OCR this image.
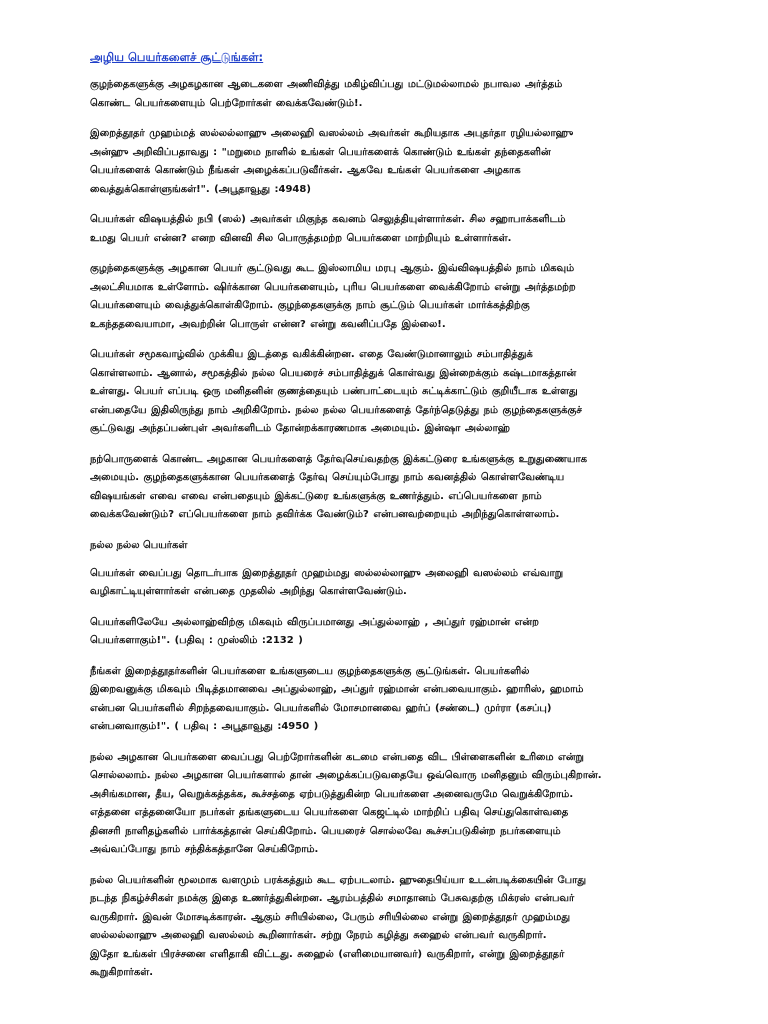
அழிய பெயர்களைச் சூட்டுங்கள்:
குழந்தைகளுக்கு அழகழகான ஆடைகளை அணிவித்து மகிழ்விப்பது மட்டுமல்லாமல் நபாவல அர்த்தம்
கொண்ட பெயர்களையும் பெற்றோர்கள் வைக்கவேண்டும்!.
இறைத்தூதர் முஹம்மத் ஸல்லல்லாஹு அலைஹி வஸல்லம் அவர்கள் கூறியதாக அபுதர்தா ரழியல்லாஹு
அன்ஹு அறிவிப்பதாவது : "மறுமை நாளில் உங்கள் பெயர்களைக் கொண்டும் உங்கள் தந்தைகளின்
பெயர்களைக் கொண்டும் நீங்கள் அழைக்கப்படுவீர்கள். ஆகவே உங்கள் பெயர்களை அழகாக
வைத்துக்கொள்ளுங்கள்!". (அபூதாவூது :4948)
பெயர்கள் விஷயத்தில் நபி (ஸல்) அவர்கள் மிகுந்த கவனம் செலுத்தியுள்ளார்கள். சில சஹாபாக்களிடம்
உமது பெயர் என்ன? எனற வினவி சில பொருத்தமற்ற பெயர்களை மாற்றியும் உள்ளார்கள்.
குழந்தைகளுக்கு அழகான பெயர் சூட்டுவது கூட இஸ்லாமிய மரபு ஆகும். இவ்விஷயத்தில் நாம் மிகவும்
அலட்சியமாக உள்ளோம். ஷிர்க்கான பெயர்களையும், புரிய பெயர்களை வைக்கிறோம் என்று அர்த்தமற்ற
பெயர்களையும் வைத்துக்கொள்கிறோம். குழந்தைகளுக்கு நாம் சூட்டும் பெயர்கள் மார்க்கத்திற்கு
உகந்ததவையாமா, அவற்றின் பொருள் என்ன? என்று கவனிப்பதே இல்லை!.
பெயர்கள் சமூகவாழ்வில் முக்கிய இடத்தை வகிக்கின்றன. எதை வேண்டுமானாலும் சம்பாதித்துக்
கொள்ளலாம். ஆனால், சமூகத்தில் நல்ல பெயரைச் சம்பாதித்துக் கொள்வது இன்றைக்கும் கஷ்டமாகத்தான்
உள்ளது. பெயர் எப்படி ஒரு மனிதனின் குணத்தையும் பண்பாட்டையும் சுட்டிக்காட்டும் குறியீடாக உள்ளது
என்பதையே இதிலிருந்து நாம் அறிகிறோம். நல்ல நல்ல பெயர்களைத் தேர்ந்தெடுத்து நம் குழந்தைகளுக்குச்
சூட்டுவது அந்தப்பண்புள் அவர்களிடம் தோன்றக்காரணமாக அமையும். இன்ஷா அல்லாஹ்
நற்பொருளைக் கொண்ட அழகான பெயர்களைத் தேர்வுசெய்வதற்கு இக்கட்டுரை உங்களுக்கு உறுதுணையாக
அமையும். குழந்தைகளுக்கான பெயர்களைத் தேர்வு செய்யும்போது நாம் கவனத்தில் கொள்ளவேண்டிய
விஷயங்கள் எவை எவை என்பதையும் இக்கட்டுரை உங்களுக்கு உணர்த்தும். எப்பெயர்களை நாம்
வைக்கவேண்டும்? எப்பெயர்களை நாம் தவிர்க்க வேண்டும்? என்பனவற்றையும் அறிந்துகொள்ளலாம்.
நல்ல நல்ல பெயர்கள்
பெயர்கள் வைப்பது தொடர்பாக இறைத்தூதர் முஹம்மது ஸல்லல்லாஹு அலைஹி வஸல்லம் எவ்வாறு
வழிகாட்டியுள்ளார்கள் என்பதை முதலில் அறிந்து கொள்ளவேண்டும்.
பெயர்களிலேயே அல்லாஹ்விற்கு மிகவும் விருப்பமானது அப்துல்லாஹ் , அப்துர் ரஹ்மான் என்ற
பெயர்களாகும்!". (பதிவு : முஸ்லிம் :2132 )
நீங்கள் இறைத்தூதர்களின் பெயர்களை உங்களுடைய குழந்தைகளுக்கு சூட்டுங்கள். பெயர்களில்
இறைவனுக்கு மிகவும் பிடித்தமானவை அப்துல்லாஹ், அப்துர் ரஹ்மான் என்பவையாகும். ஹாரிஸ், ஹமாம்
என்பன பெயர்களில் சிறந்தவையாகும். பெயர்களில் மோசமானவை ஹர்ப் (சண்டை) முர்ரா (கசப்பு)
என்பனவாகும்!". ( பதிவு : அபூதாவூது :4950 )
நல்ல அழகான பெயர்களை வைப்பது பெற்றோர்களின் கடமை என்பதை விட பிள்ளைகளின் உரிமை என்று
சொல்லலாம். நல்ல அழகான பெயர்களால் தான் அழைக்கப்படுவதையே ஒவ்வொரு மனிதனும் விரும்புகிறான்.
அசிங்கமான, தீய, வெறுக்கத்தக்க, கூச்சத்தை ஏற்படுத்துகின்ற பெயர்களை அனைவருமே வெறுக்கிறோம்.
எத்தனை எத்தனையோ நபர்கள் தங்களுடைய பெயர்களை கெஜட்டில் மாற்றிப் பதிவு செய்துகொள்வதை
தினசரி நாளிதழ்களில் பார்க்கத்தான் செய்கிறோம். பெயரைச் சொல்லவே கூச்சப்படுகின்ற நபர்களையும்
அவ்வப்போது நாம் சந்திக்கத்தானே செய்கிறோம்.
நல்ல பெயர்களின் மூலமாக வளமும் பரக்கத்தும் கூட ஏற்படலாம். ஹுதைபிய்யா உடன்படிக்கையின் போது
நடந்த நிகழ்ச்சிகள் நமக்கு இதை உணர்த்துகின்றன. ஆரம்பத்தில் சமாதானம் பேசுவதற்கு மிக்ரஸ் என்பவர்
வருகிறார். இவன் மோசடிக்காரன். ஆகும் சரியில்லை, பேரும் சரியில்லை என்று இறைத்தூதர் முஹம்மது
ஸல்லல்லாஹு அலைஹி வஸல்லம் கூறினார்கள். சற்று நேரம் கழித்து சுஹைல் என்பவர் வருகிறார்.
இதோ உங்கள் பிரச்சனை எளிதாகி விட்டது. சுஹைல் (எளிமையானவர்) வருகிறார், என்று இறைத்தூதர்
கூறுகிறார்கள்.
